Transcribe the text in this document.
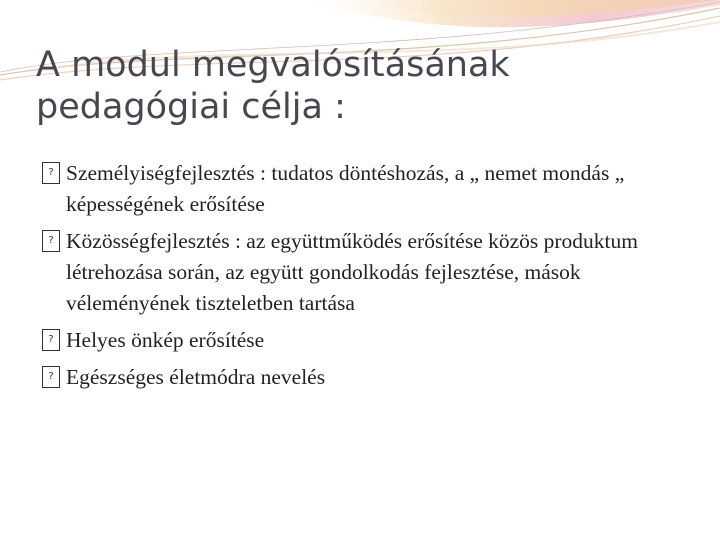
A modul megvalósításának pedagógiai célja :
? Személyiségfejlesztés : tudatos döntéshozás, a „ nemet mondás „ képességének erősítése
? Közösségfejlesztés : az együttműködés erősítése közös produktum létrehozása során, az együtt gondolkodás fejlesztése, mások véleményének tiszteletben tartása
? Helyes önkép erősítése
? Egészséges életmódra nevelés
